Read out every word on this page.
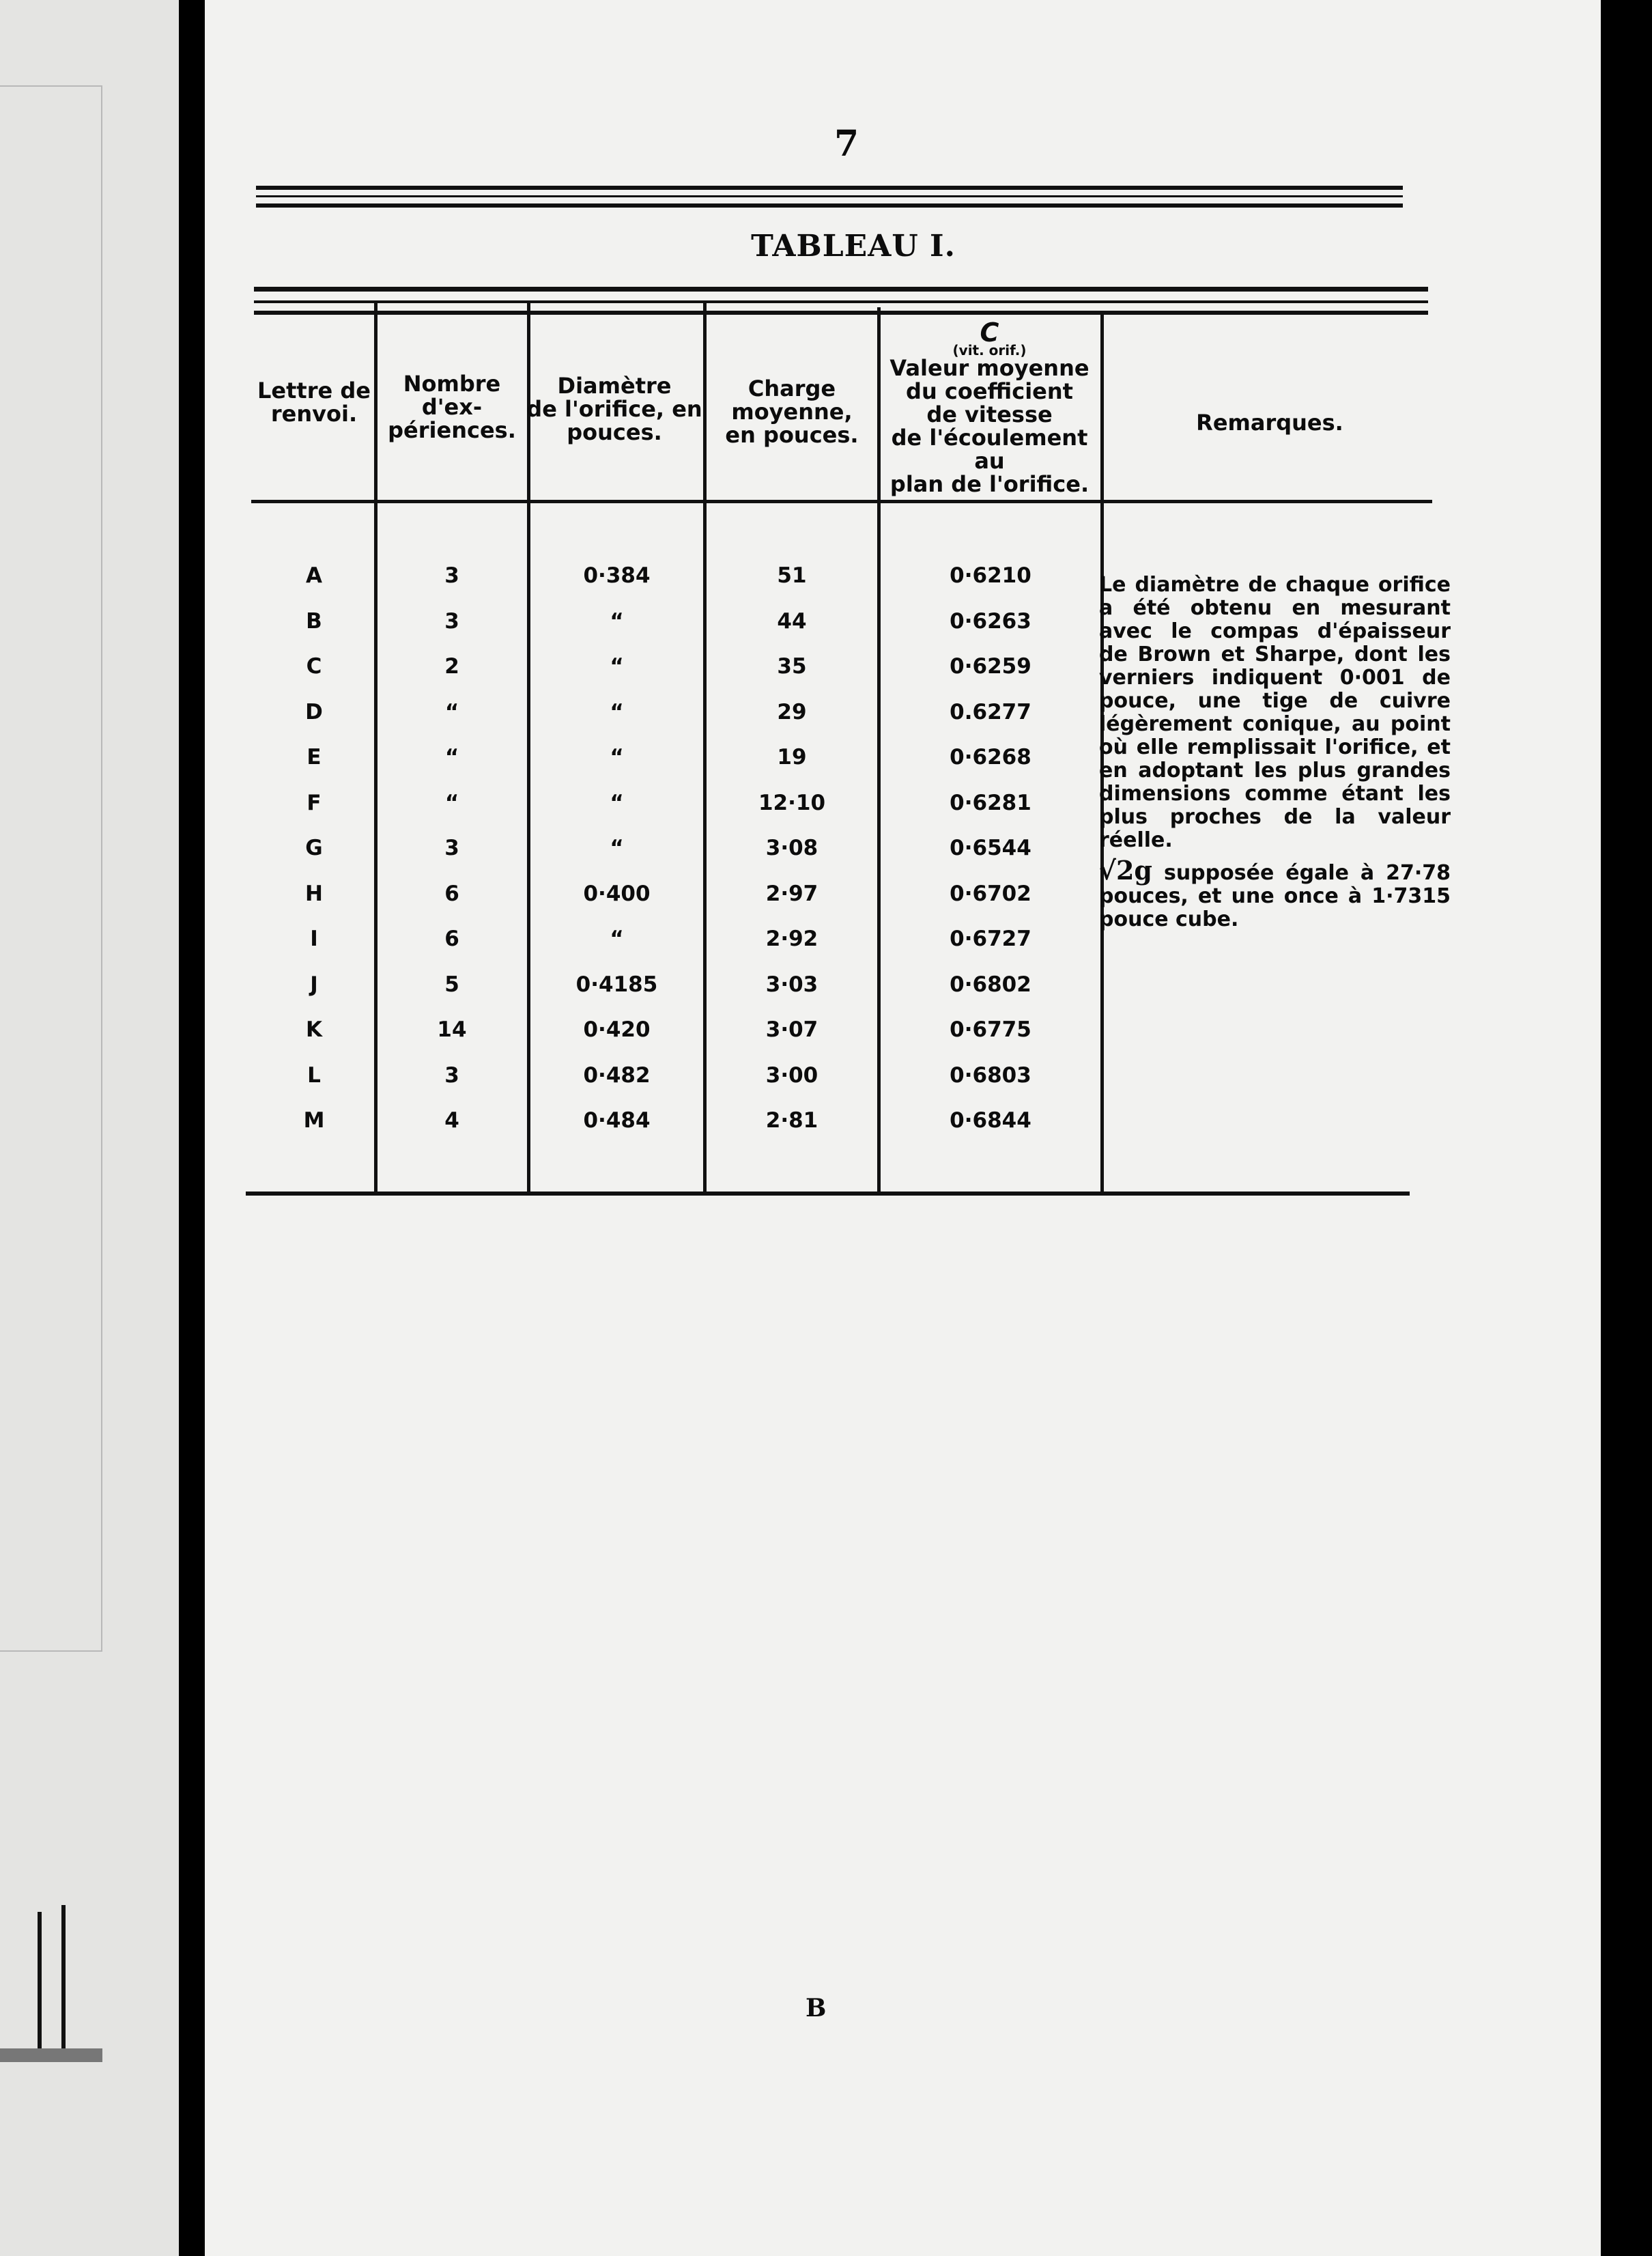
7
TABLEAU I.
Lettre de
renvoi.
Nombre
d'ex-
périences.
Diamètre
de l'orifice, en
pouces.
Charge
moyenne,
en pouces.
C
(vit. orif.)
Valeur moyenne
du coefficient
de vitesse
de l'écoulement au
plan de l'orifice.
Remarques.
A	3	0·384	51	0·6210
B	3	“	44	0·6263
C	2	“	35	0·6259
D	“	“	29	0.6277
E	“	“	19	0·6268
F	“	“	12·10	0·6281
G	3	“	3·08	0·6544
H	6	0·400	2·97	0·6702
I	6	“	2·92	0·6727
J	5	0·4185	3·03	0·6802
K	14	0·420	3·07	0·6775
L	3	0·482	3·00	0·6803
M	4	0·484	2·81	0·6844

Le diamètre de chaque orifice a été obtenu en mesurant avec le compas d'épaisseur de Brown et Sharpe, dont les verniers indiquent 0·001 de pouce, une tige de cuivre légèrement conique, au point où elle remplissait l'orifice, et en adoptant les plus grandes dimensions comme étant les plus proches de la valeur réelle.

√2g supposée égale à 27·78 pouces, et une once à 1·7315 pouce cube.

B
